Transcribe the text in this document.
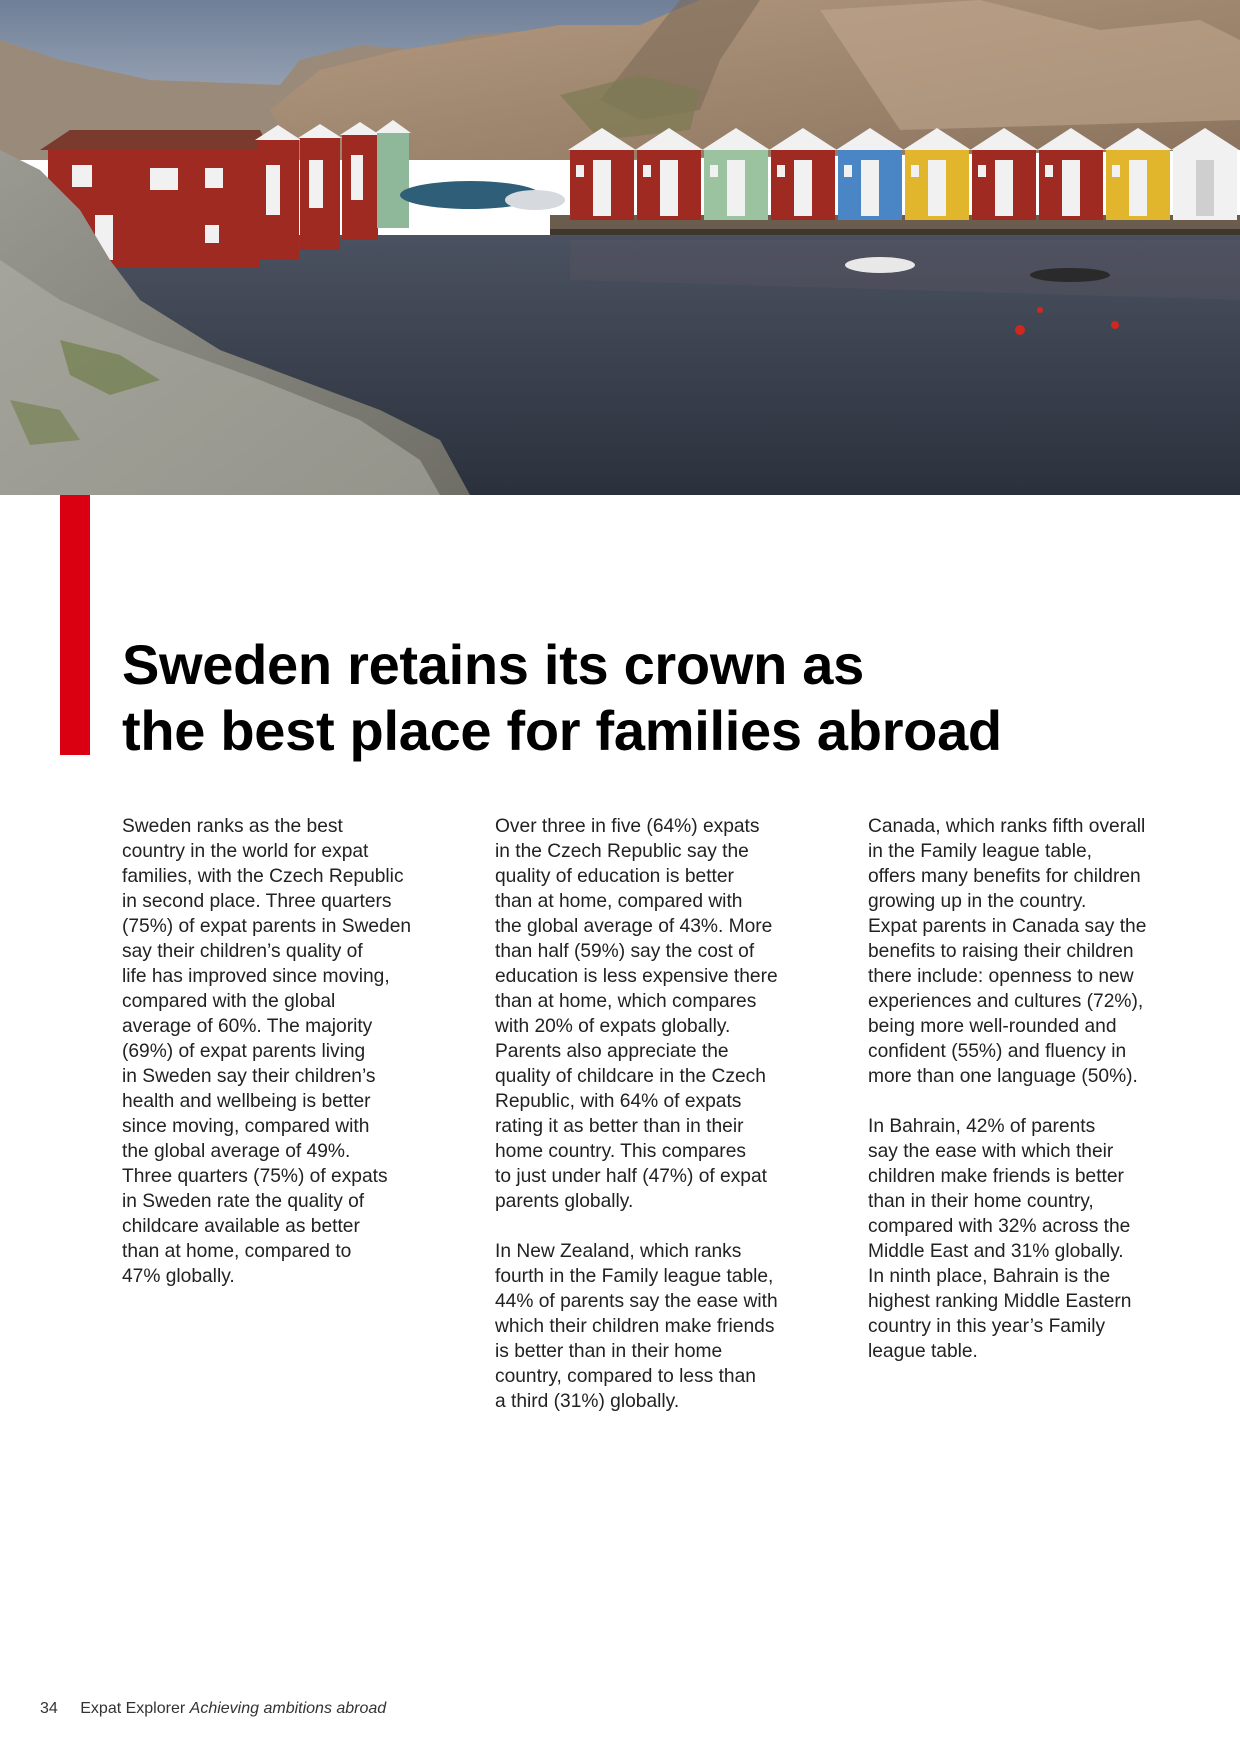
Sweden retains its crown as
the best place for families abroad

Sweden ranks as the best
country in the world for expat
families, with the Czech Republic
in second place. Three quarters
(75%) of expat parents in Sweden
say their children’s quality of
life has improved since moving,
compared with the global
average of 60%. The majority
(69%) of expat parents living
in Sweden say their children’s
health and wellbeing is better
since moving, compared with
the global average of 49%.
Three quarters (75%) of expats
in Sweden rate the quality of
childcare available as better
than at home, compared to
47% globally.

Over three in five (64%) expats
in the Czech Republic say the
quality of education is better
than at home, compared with
the global average of 43%. More
than half (59%) say the cost of
education is less expensive there
than at home, which compares
with 20% of expats globally.
Parents also appreciate the
quality of childcare in the Czech
Republic, with 64% of expats
rating it as better than in their
home country. This compares
to just under half (47%) of expat
parents globally.

In New Zealand, which ranks
fourth in the Family league table,
44% of parents say the ease with
which their children make friends
is better than in their home
country, compared to less than
a third (31%) globally.

Canada, which ranks fifth overall
in the Family league table,
offers many benefits for children
growing up in the country.
Expat parents in Canada say the
benefits to raising their children
there include: openness to new
experiences and cultures (72%),
being more well-rounded and
confident (55%) and fluency in
more than one language (50%).

In Bahrain, 42% of parents
say the ease with which their
children make friends is better
than in their home country,
compared with 32% across the
Middle East and 31% globally.
In ninth place, Bahrain is the
highest ranking Middle Eastern
country in this year’s Family
league table.

34 Expat Explorer Achieving ambitions abroad
